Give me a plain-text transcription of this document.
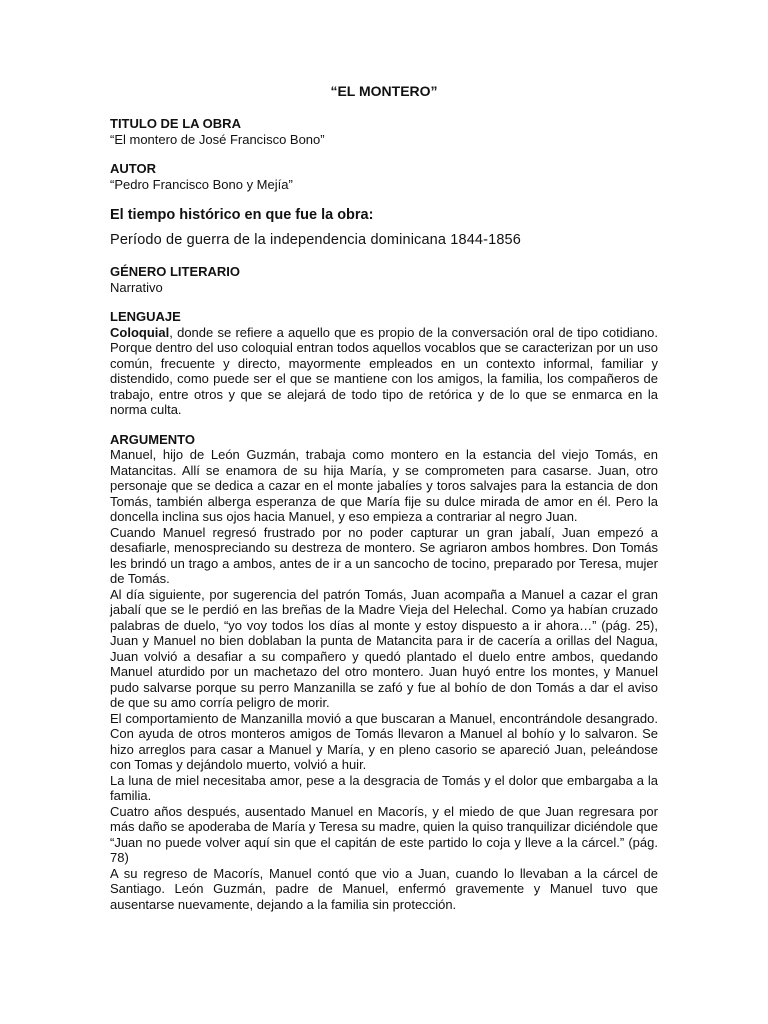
“EL MONTERO”
TITULO DE LA OBRA
“El montero de José Francisco Bono”
AUTOR
“Pedro Francisco Bono y Mejía”
El tiempo histórico en que fue la obra:
Período de guerra de la independencia dominicana 1844-1856
GÉNERO LITERARIO
Narrativo
LENGUAJE

Coloquial, donde se refiere a aquello que es propio de la conversación oral de tipo cotidiano. Porque dentro del uso coloquial entran todos aquellos vocablos que se caracterizan por un uso común, frecuente y directo, mayormente empleados en un contexto informal, familiar y distendido, como puede ser el que se mantiene con los amigos, la familia, los compañeros de trabajo, entre otros y que se alejará de todo tipo de retórica y de lo que se enmarca en la norma culta.

ARGUMENTO

Manuel, hijo de León Guzmán, trabaja como montero en la estancia del viejo Tomás, en Matancitas. Allí se enamora de su hija María, y se comprometen para casarse. Juan, otro personaje que se dedica a cazar en el monte jabalíes y toros salvajes para la estancia de don Tomás, también alberga esperanza de que María fije su dulce mirada de amor en él. Pero la doncella inclina sus ojos hacia Manuel, y eso empieza a contrariar al negro Juan.

Cuando Manuel regresó frustrado por no poder capturar un gran jabalí, Juan empezó a desafiarle, menospreciando su destreza de montero. Se agriaron ambos hombres. Don Tomás les brindó un trago a ambos, antes de ir a un sancocho de tocino, preparado por Teresa, mujer de Tomás.

Al día siguiente, por sugerencia del patrón Tomás, Juan acompaña a Manuel a cazar el gran jabalí que se le perdió en las breñas de la Madre Vieja del Helechal. Como ya habían cruzado palabras de duelo, “yo voy todos los días al monte y estoy dispuesto a ir ahora…” (pág. 25), Juan y Manuel no bien doblaban la punta de Matancita para ir de cacería a orillas del Nagua, Juan volvió a desafiar a su compañero y quedó plantado el duelo entre ambos, quedando Manuel aturdido por un machetazo del otro montero. Juan huyó entre los montes, y Manuel pudo salvarse porque su perro Manzanilla se zafó y fue al bohío de don Tomás a dar el aviso de que su amo corría peligro de morir.

El comportamiento de Manzanilla movió a que buscaran a Manuel, encontrándole desangrado. Con ayuda de otros monteros amigos de Tomás llevaron a Manuel al bohío y lo salvaron. Se hizo arreglos para casar a Manuel y María, y en pleno casorio se apareció Juan, peleándose con Tomas y dejándolo muerto, volvió a huir.

La luna de miel necesitaba amor, pese a la desgracia de Tomás y el dolor que embargaba a la familia.

Cuatro años después, ausentado Manuel en Macorís, y el miedo de que Juan regresara por más daño se apoderaba de María y Teresa su madre, quien la quiso tranquilizar diciéndole que “Juan no puede volver aquí sin que el capitán de este partido lo coja y lleve a la cárcel.” (pág. 78)

A su regreso de Macorís, Manuel contó que vio a Juan, cuando lo llevaban a la cárcel de Santiago. León Guzmán, padre de Manuel, enfermó gravemente y Manuel tuvo que ausentarse nuevamente, dejando a la familia sin protección.
